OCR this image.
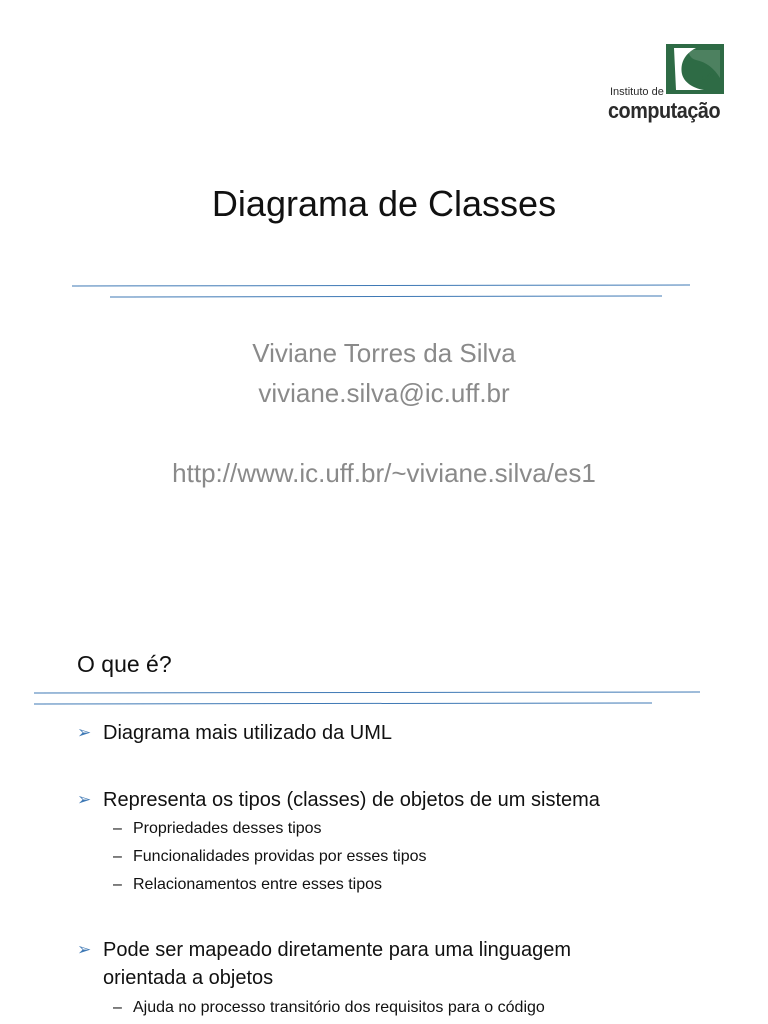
uff
Instituto de
computação
Diagrama de Classes
Viviane Torres da Silva
viviane.silva@ic.uff.br
http://www.ic.uff.br/~viviane.silva/es1
O que é?
➢ Diagrama mais utilizado da UML
➢ Representa os tipos (classes) de objetos de um sistema
– Propriedades desses tipos
– Funcionalidades providas por esses tipos
– Relacionamentos entre esses tipos
➢ Pode ser mapeado diretamente para uma linguagem
orientada a objetos
– Ajuda no processo transitório dos requisitos para o código
